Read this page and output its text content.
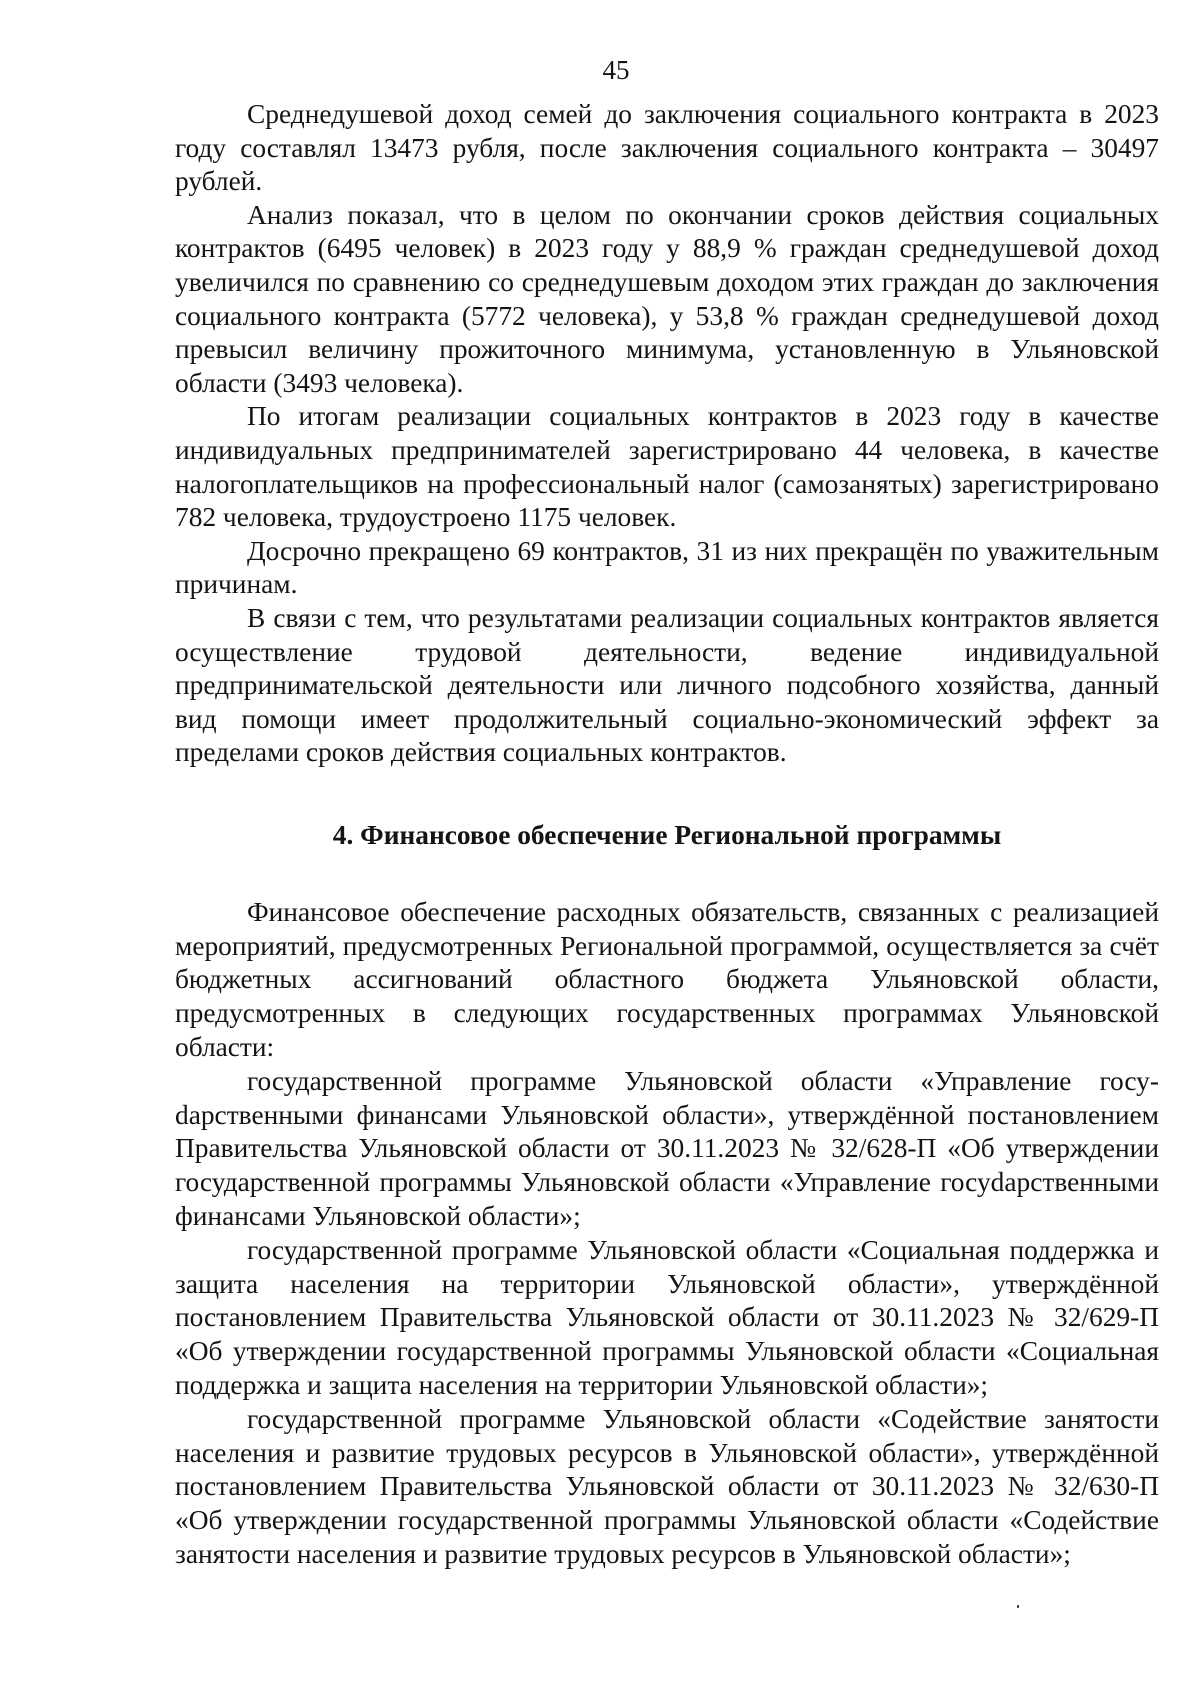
45

Среднедушевой доход семей до заключения социального контракта в 2023 году составлял 13473 рубля, после заключения социального контракта – 30497 рублей.

Анализ показал, что в целом по окончании сроков действия социальных контрактов (6495 человек) в 2023 году у 88,9 % граждан среднедушевой доход увеличился по сравнению со среднедушевым доходом этих граждан до заключения социального контракта (5772 человека), у 53,8 % граждан среднедушевой доход превысил величину прожиточного минимума, установленную в Ульяновской области (3493 человека).

По итогам реализации социальных контрактов в 2023 году в качестве индивидуальных предпринимателей зарегистрировано 44 человека, в качестве налогоплательщиков на профессиональный налог (самозанятых) зарегистрировано 782 человека, трудоустроено 1175 человек.

Досрочно прекращено 69 контрактов, 31 из них прекращён по уважительным причинам.

В связи с тем, что результатами реализации социальных контрактов является осуществление трудовой деятельности, ведение индивидуальной предпринимательской деятельности или личного подсобного хозяйства, данный вид помощи имеет продолжительный социально-экономический эффект за пределами сроков действия социальных контрактов.

4. Финансовое обеспечение Региональной программы

Финансовое обеспечение расходных обязательств, связанных с реализацией мероприятий, предусмотренных Региональной программой, осуществляется за счёт бюджетных ассигнований областного бюджета Ульяновской области, предусмотренных в следующих государственных программах Ульяновской области:

государственной программе Ульяновской области «Управление госуdарственными финансами Ульяновской области», утверждённой постановлением Правительства Ульяновской области от 30.11.2023 № 32/628-П «Об утверждении государственной программы Ульяновской области «Управление госуdарственными финансами Ульяновской области»;

государственной программе Ульяновской области «Социальная поддержка и защита населения на территории Ульяновской области», утверждённой постановлением Правительства Ульяновской области от 30.11.2023 № 32/629-П «Об утверждении государственной программы Ульяновской области «Социальная поддержка и защита населения на территории Ульяновской области»;

государственной программе Ульяновской области «Содействие занятости населения и развитие трудовых ресурсов в Ульяновской области», утверждённой постановлением Правительства Ульяновской области от 30.11.2023 № 32/630-П «Об утверждении государственной программы Ульяновской области «Содействие занятости населения и развитие трудовых ресурсов в Ульяновской области»;
